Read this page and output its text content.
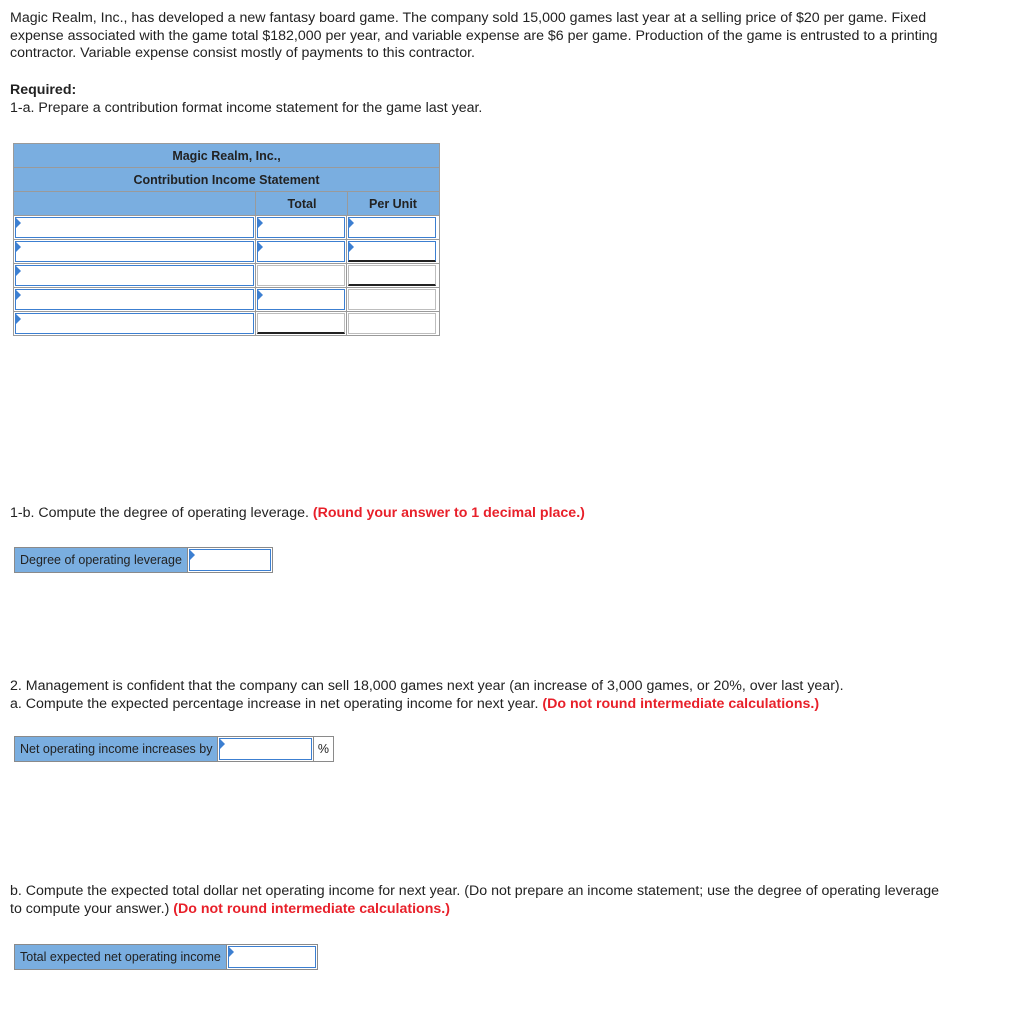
Magic Realm, Inc., has developed a new fantasy board game. The company sold 15,000 games last year at a selling price of $20 per game. Fixed expense associated with the game total $182,000 per year, and variable expense are $6 per game. Production of the game is entrusted to a printing contractor. Variable expense consist mostly of payments to this contractor.
Required:
1-a. Prepare a contribution format income statement for the game last year.
Magic Realm, Inc.,
Contribution Income Statement
Total	Per Unit
1-b. Compute the degree of operating leverage. (Round your answer to 1 decimal place.)
Degree of operating leverage
2. Management is confident that the company can sell 18,000 games next year (an increase of 3,000 games, or 20%, over last year).
a. Compute the expected percentage increase in net operating income for next year. (Do not round intermediate calculations.)
Net operating income increases by	%
b. Compute the expected total dollar net operating income for next year. (Do not prepare an income statement; use the degree of operating leverage to compute your answer.) (Do not round intermediate calculations.)
Total expected net operating income
